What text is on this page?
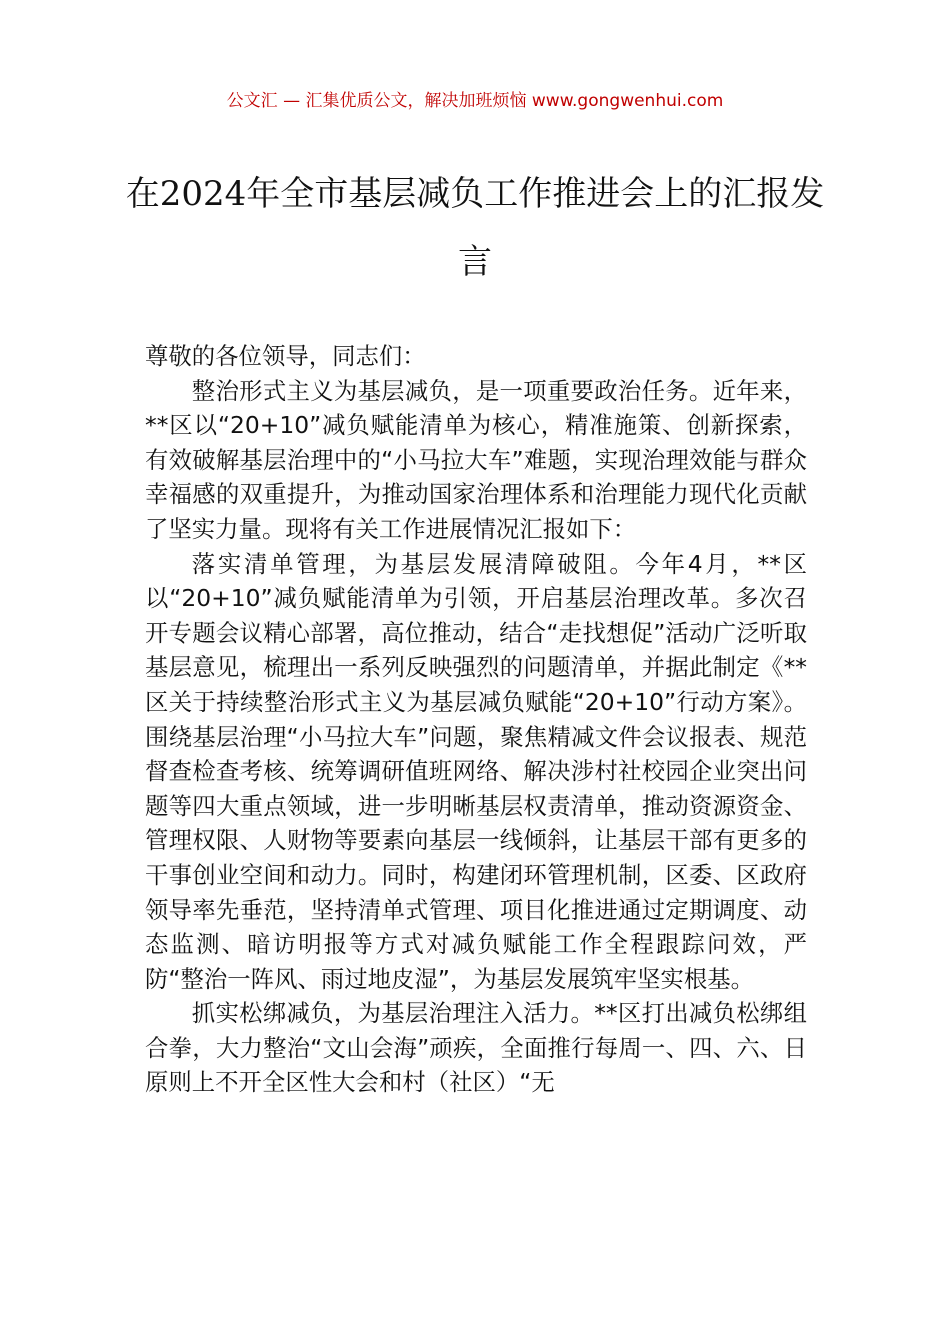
公文汇 — 汇集优质公文，解决加班烦恼 www.gongwenhui.com
在2024年全市基层减负工作推进会上的汇报发言

尊敬的各位领导，同志们：

整治形式主义为基层减负，是一项重要政治任务。近年来，**区以“20+10”减负赋能清单为核心，精准施策、创新探索，有效破解基层治理中的“小马拉大车”难题，实现治理效能与群众幸福感的双重提升，为推动国家治理体系和治理能力现代化贡献了坚实力量。现将有关工作进展情况汇报如下：

落实清单管理，为基层发展清障破阻。今年4月，**区以“20+10”减负赋能清单为引领，开启基层治理改革。多次召开专题会议精心部署，高位推动，结合“走找想促”活动广泛听取基层意见，梳理出一系列反映强烈的问题清单，并据此制定《**区关于持续整治形式主义为基层减负赋能“20+10”行动方案》。围绕基层治理“小马拉大车”问题，聚焦精减文件会议报表、规范督查检查考核、统筹调研值班网络、解决涉村社校园企业突出问题等四大重点领域，进一步明晰基层权责清单，推动资源资金、管理权限、人财物等要素向基层一线倾斜，让基层干部有更多的干事创业空间和动力。同时，构建闭环管理机制，区委、区政府领导率先垂范，坚持清单式管理、项目化推进通过定期调度、动态监测、暗访明报等方式对减负赋能工作全程跟踪问效，严防“整治一阵风、雨过地皮湿”，为基层发展筑牢坚实根基。

抓实松绑减负，为基层治理注入活力。**区打出减负松绑组合拳，大力整治“文山会海”顽疾，全面推行每周一、四、六、日原则上不开全区性大会和村（社区）“无
